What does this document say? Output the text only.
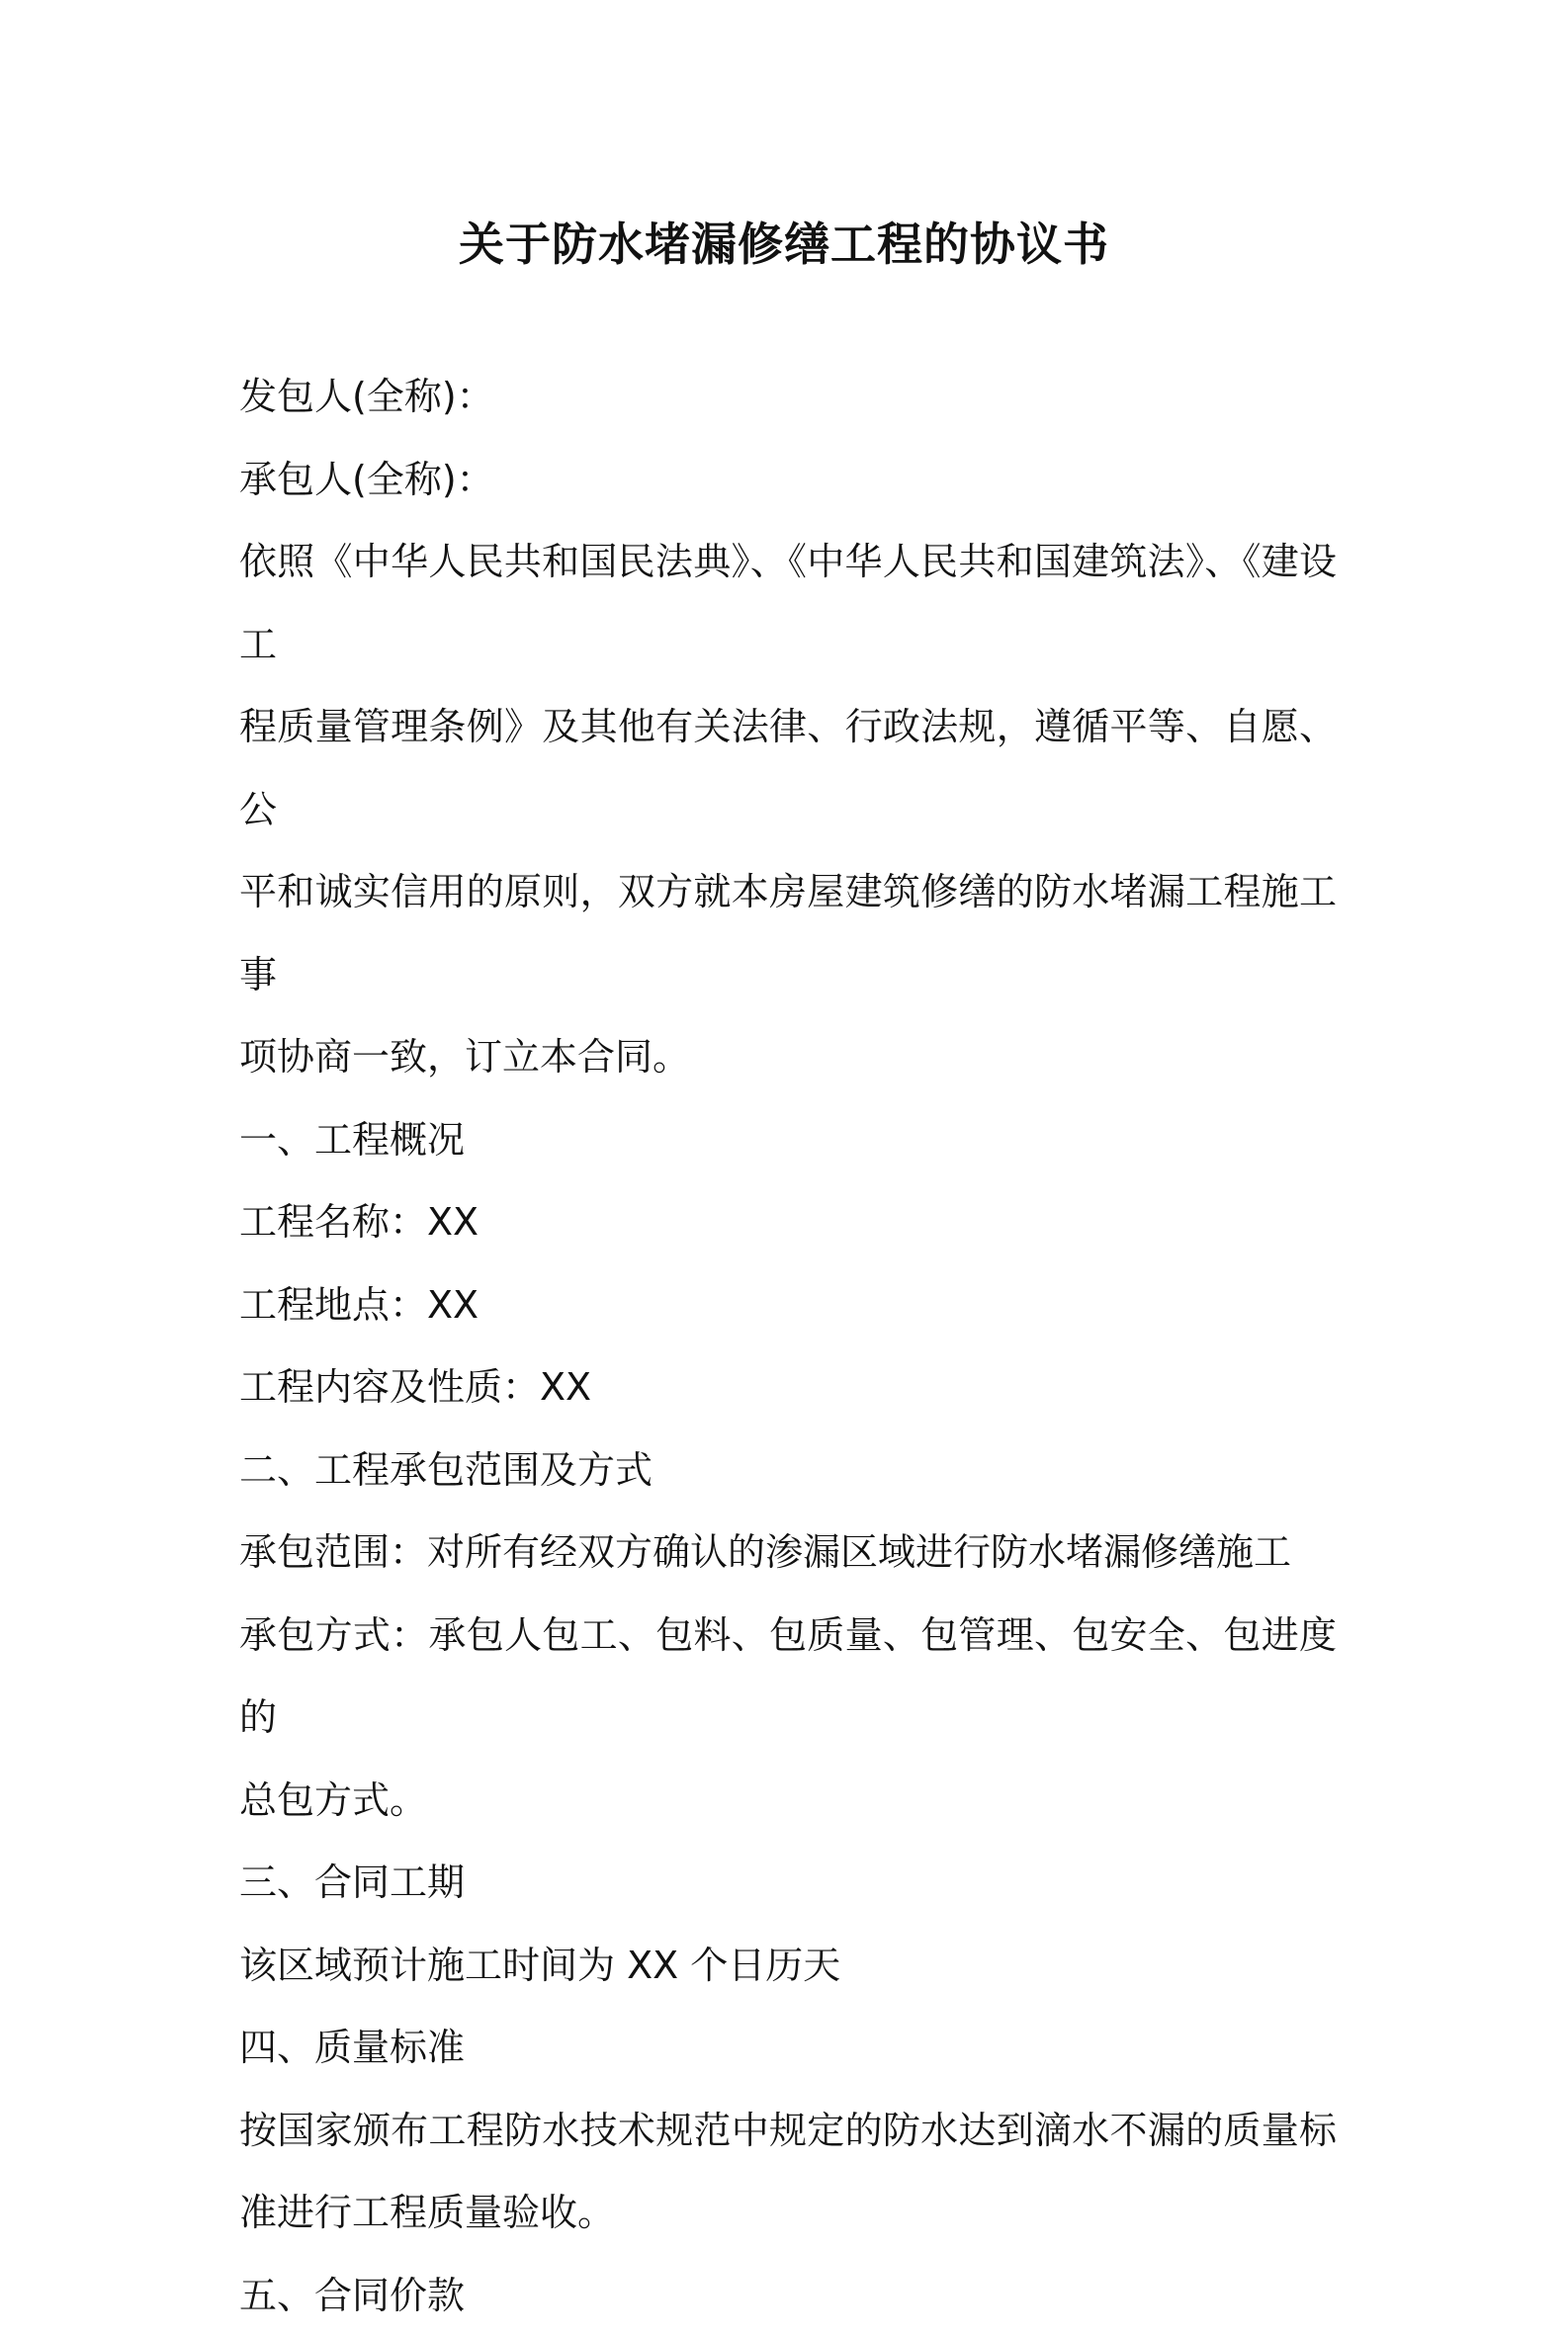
关于防水堵漏修缮工程的协议书

发包人(全称)：

承包人(全称)：

依照《中华人民共和国民法典》、《中华人民共和国建筑法》、《建设工

程质量管理条例》及其他有关法律、行政法规，遵循平等、自愿、公

平和诚实信用的原则，双方就本房屋建筑修缮的防水堵漏工程施工事

项协商一致，订立本合同。

一、工程概况

工程名称：XX

工程地点：XX

工程内容及性质：XX

二、工程承包范围及方式

承包范围：对所有经双方确认的渗漏区域进行防水堵漏修缮施工

承包方式：承包人包工、包料、包质量、包管理、包安全、包进度的

总包方式。

三、合同工期

该区域预计施工时间为 XX 个日历天

四、质量标准

按国家颁布工程防水技术规范中规定的防水达到滴水不漏的质量标

准进行工程质量验收。

五、合同价款
